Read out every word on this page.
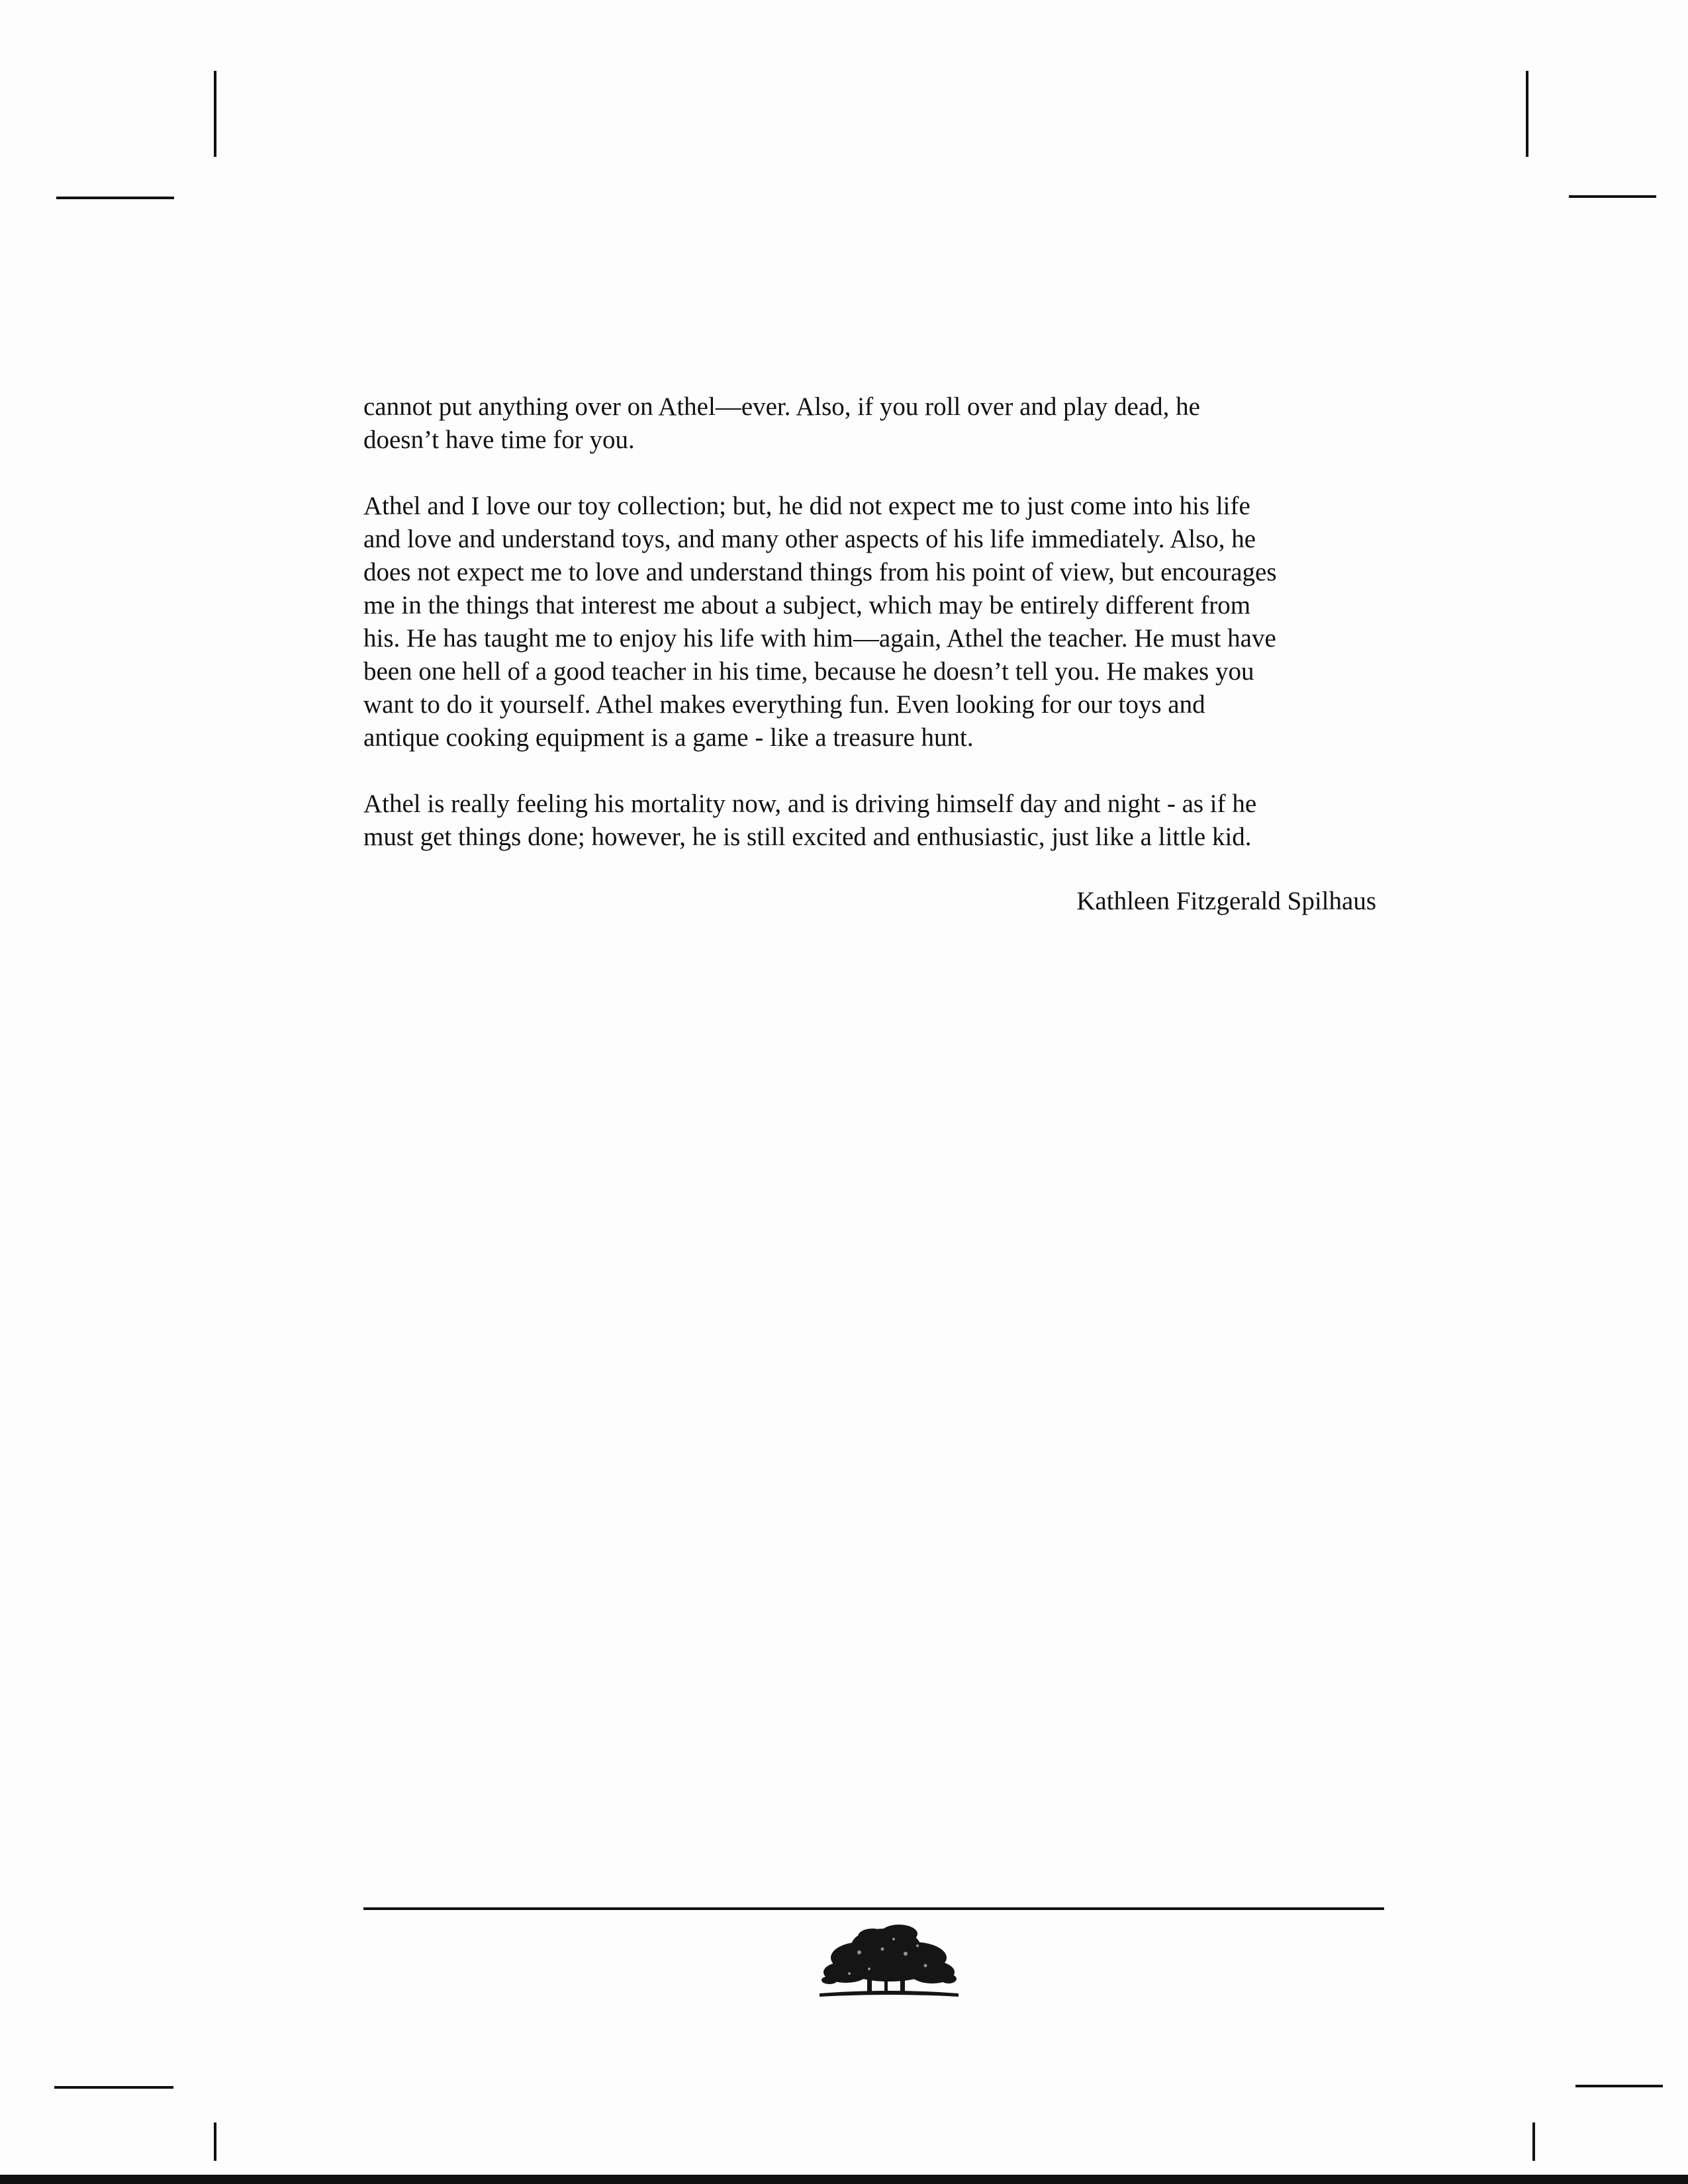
cannot put anything over on Athel—ever. Also, if you roll over and play dead, he
doesn’t have time for you.

Athel and I love our toy collection; but, he did not expect me to just come into his life
and love and understand toys, and many other aspects of his life immediately. Also, he
does not expect me to love and understand things from his point of view, but encourages
me in the things that interest me about a subject, which may be entirely different from
his. He has taught me to enjoy his life with him—again, Athel the teacher. He must have
been one hell of a good teacher in his time, because he doesn’t tell you. He makes you
want to do it yourself. Athel makes everything fun. Even looking for our toys and
antique cooking equipment is a game - like a treasure hunt.

Athel is really feeling his mortality now, and is driving himself day and night - as if he
must get things done; however, he is still excited and enthusiastic, just like a little kid.

Kathleen Fitzgerald Spilhaus
